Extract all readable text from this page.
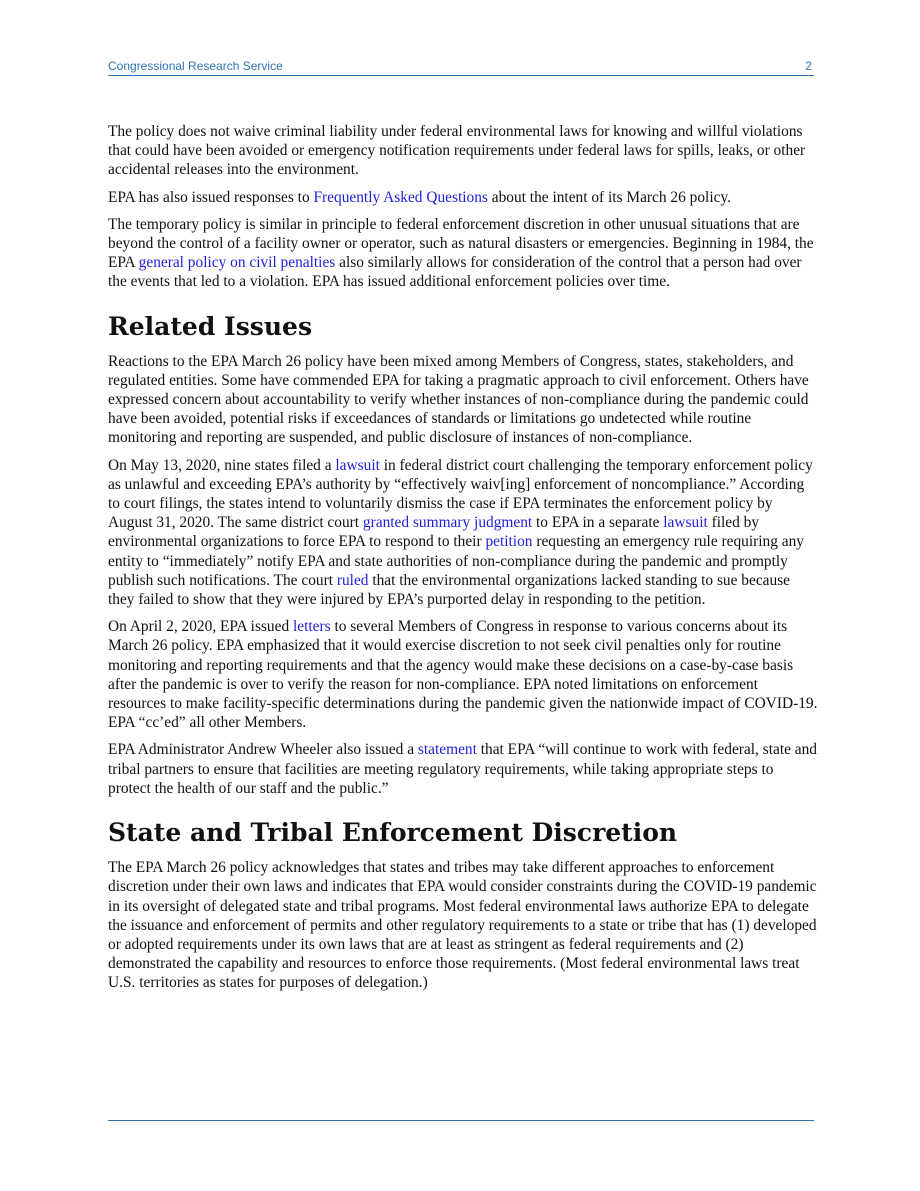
Congressional Research Service	2

The policy does not waive criminal liability under federal environmental laws for knowing and willful violations that could have been avoided or emergency notification requirements under federal laws for spills, leaks, or other accidental releases into the environment.

EPA has also issued responses to Frequently Asked Questions about the intent of its March 26 policy.

The temporary policy is similar in principle to federal enforcement discretion in other unusual situations that are beyond the control of a facility owner or operator, such as natural disasters or emergencies. Beginning in 1984, the EPA general policy on civil penalties also similarly allows for consideration of the control that a person had over the events that led to a violation. EPA has issued additional enforcement policies over time.

Related Issues

Reactions to the EPA March 26 policy have been mixed among Members of Congress, states, stakeholders, and regulated entities. Some have commended EPA for taking a pragmatic approach to civil enforcement. Others have expressed concern about accountability to verify whether instances of non-compliance during the pandemic could have been avoided, potential risks if exceedances of standards or limitations go undetected while routine monitoring and reporting are suspended, and public disclosure of instances of non-compliance.

On May 13, 2020, nine states filed a lawsuit in federal district court challenging the temporary enforcement policy as unlawful and exceeding EPA’s authority by “effectively waiv[ing] enforcement of noncompliance.” According to court filings, the states intend to voluntarily dismiss the case if EPA terminates the enforcement policy by August 31, 2020. The same district court granted summary judgment to EPA in a separate lawsuit filed by environmental organizations to force EPA to respond to their petition requesting an emergency rule requiring any entity to “immediately” notify EPA and state authorities of non-compliance during the pandemic and promptly publish such notifications. The court ruled that the environmental organizations lacked standing to sue because they failed to show that they were injured by EPA’s purported delay in responding to the petition.

On April 2, 2020, EPA issued letters to several Members of Congress in response to various concerns about its March 26 policy. EPA emphasized that it would exercise discretion to not seek civil penalties only for routine monitoring and reporting requirements and that the agency would make these decisions on a case-by-case basis after the pandemic is over to verify the reason for non-compliance. EPA noted limitations on enforcement resources to make facility-specific determinations during the pandemic given the nationwide impact of COVID-19. EPA “cc’ed” all other Members.

EPA Administrator Andrew Wheeler also issued a statement that EPA “will continue to work with federal, state and tribal partners to ensure that facilities are meeting regulatory requirements, while taking appropriate steps to protect the health of our staff and the public.”

State and Tribal Enforcement Discretion

The EPA March 26 policy acknowledges that states and tribes may take different approaches to enforcement discretion under their own laws and indicates that EPA would consider constraints during the COVID-19 pandemic in its oversight of delegated state and tribal programs. Most federal environmental laws authorize EPA to delegate the issuance and enforcement of permits and other regulatory requirements to a state or tribe that has (1) developed or adopted requirements under its own laws that are at least as stringent as federal requirements and (2) demonstrated the capability and resources to enforce those requirements. (Most federal environmental laws treat U.S. territories as states for purposes of delegation.)
